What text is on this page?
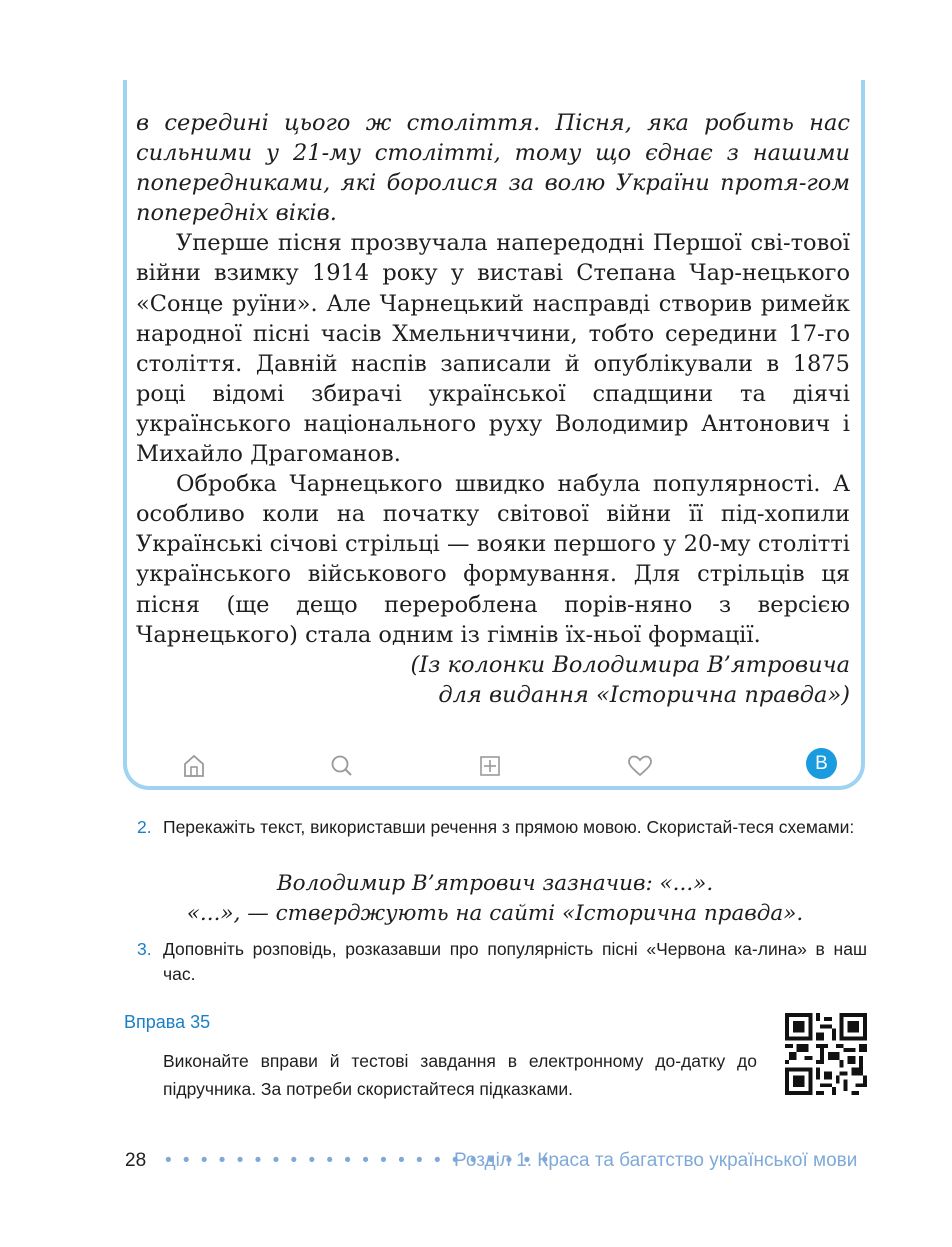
в середині цього ж століття. Пісня, яка робить нас сильними у 21-му столітті, тому що єднає з нашими попередниками, які боролися за волю України протя-гом попередніх віків.

Уперше пісня прозвучала напередодні Першої сві-тової війни взимку 1914 року у виставі Степана Чар-нецького «Сонце руїни». Але Чарнецький насправді створив римейк народної пісні часів Хмельниччини, тобто середини 17-го століття. Давній наспів записали й опублікували в 1875 році відомі збирачі української спадщини та діячі українського національного руху Володимир Антонович і Михайло Драгоманов.

Обробка Чарнецького швидко набула популярності. А особливо коли на початку світової війни її під-хопили Українські січові стрільці — вояки першого у 20-му столітті українського військового формування. Для стрільців ця пісня (ще дещо перероблена порів-няно з версією Чарнецького) стала одним із гімнів їх-ньої формації.

(Із колонки Володимира В’ятровича

для видання «Історична правда»)

В
2. Перекажіть текст, використавши речення з прямою мовою. Скористай-теся схемами:
Володимир В’ятрович зазначив: «...».
«...», — стверджують на сайті «Історична правда».
3. Доповніть розповідь, розказавши про популярність пісні «Червона ка-лина» в наш час.
Вправа 35
Виконайте вправи й тестові завдання в електронному до-датку до підручника. За потреби скористайтеся підказками.
28 • • • • • • • • • • • • • • • • • • • • • •
Розділ 1. Краса та багатство української мови
